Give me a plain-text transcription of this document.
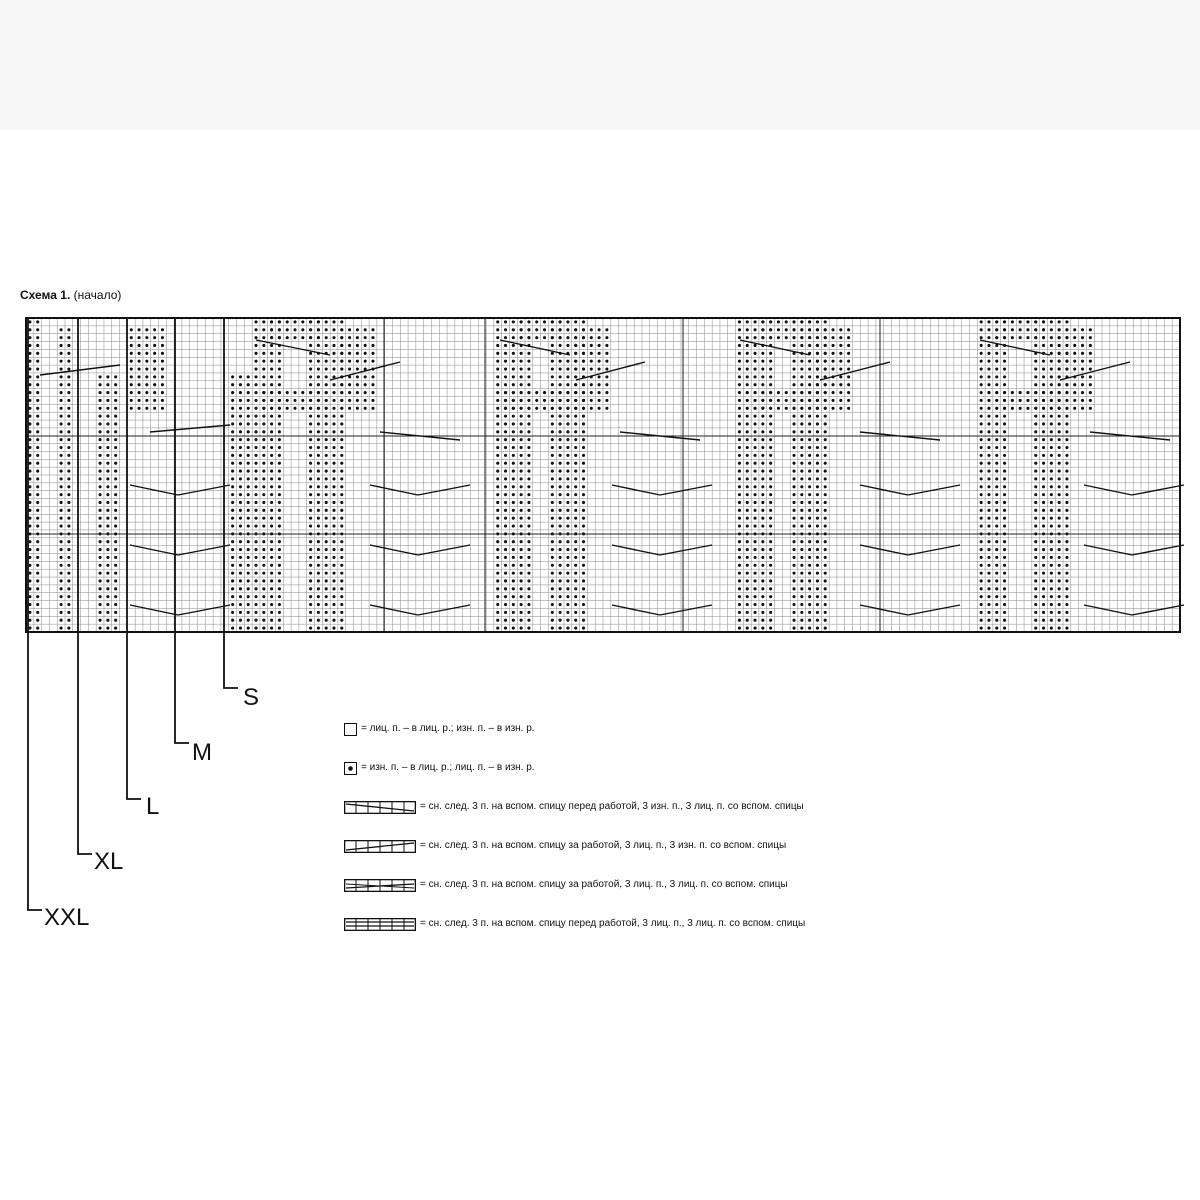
Схема 1. (начало)
S
M
L
XL
XXL
= лиц. п. – в лиц. р.; изн. п. – в изн. р.
= изн. п. – в лиц. р.; лиц. п. – в изн. р.
= сн. след. 3 п. на вспом. спицу перед работой, 3 изн. п., 3 лиц. п. со вспом. спицы
= сн. след. 3 п. на вспом. спицу за работой, 3 лиц. п., 3 изн. п. со вспом. спицы
= сн. след. 3 п. на вспом. спицу за работой, 3 лиц. п., 3 лиц. п. со вспом. спицы
= сн. след. 3 п. на вспом. спицу перед работой, 3 лиц. п., 3 лиц. п. со вспом. спицы
